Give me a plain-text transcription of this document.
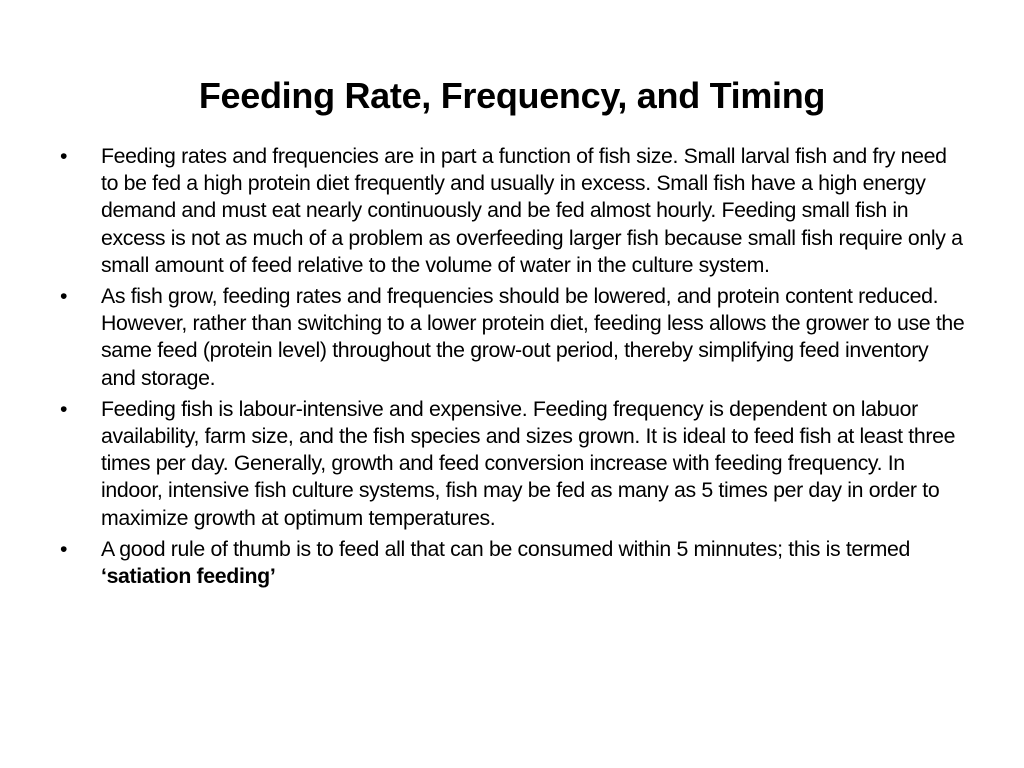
Feeding Rate, Frequency, and Timing
• Feeding rates and frequencies are in part a function of fish size. Small larval fish and fry need to be fed a high protein diet frequently and usually in excess. Small fish have a high energy demand and must eat nearly continuously and be fed almost hourly. Feeding small fish in excess is not as much of a problem as overfeeding larger fish because small fish require only a small amount of feed relative to the volume of water in the culture system.
• As fish grow, feeding rates and frequencies should be lowered, and protein content reduced. However, rather than switching to a lower protein diet, feeding less allows the grower to use the same feed (protein level) throughout the grow-out period, thereby simplifying feed inventory and storage.
• Feeding fish is labour-intensive and expensive. Feeding frequency is dependent on labuor availability, farm size, and the fish species and sizes grown. It is ideal to feed fish at least three times per day. Generally, growth and feed conversion increase with feeding frequency. In indoor, intensive fish culture systems, fish may be fed as many as 5 times per day in order to maximize growth at optimum temperatures.
• A good rule of thumb is to feed all that can be consumed within 5 minnutes; this is termed ‘satiation feeding’
